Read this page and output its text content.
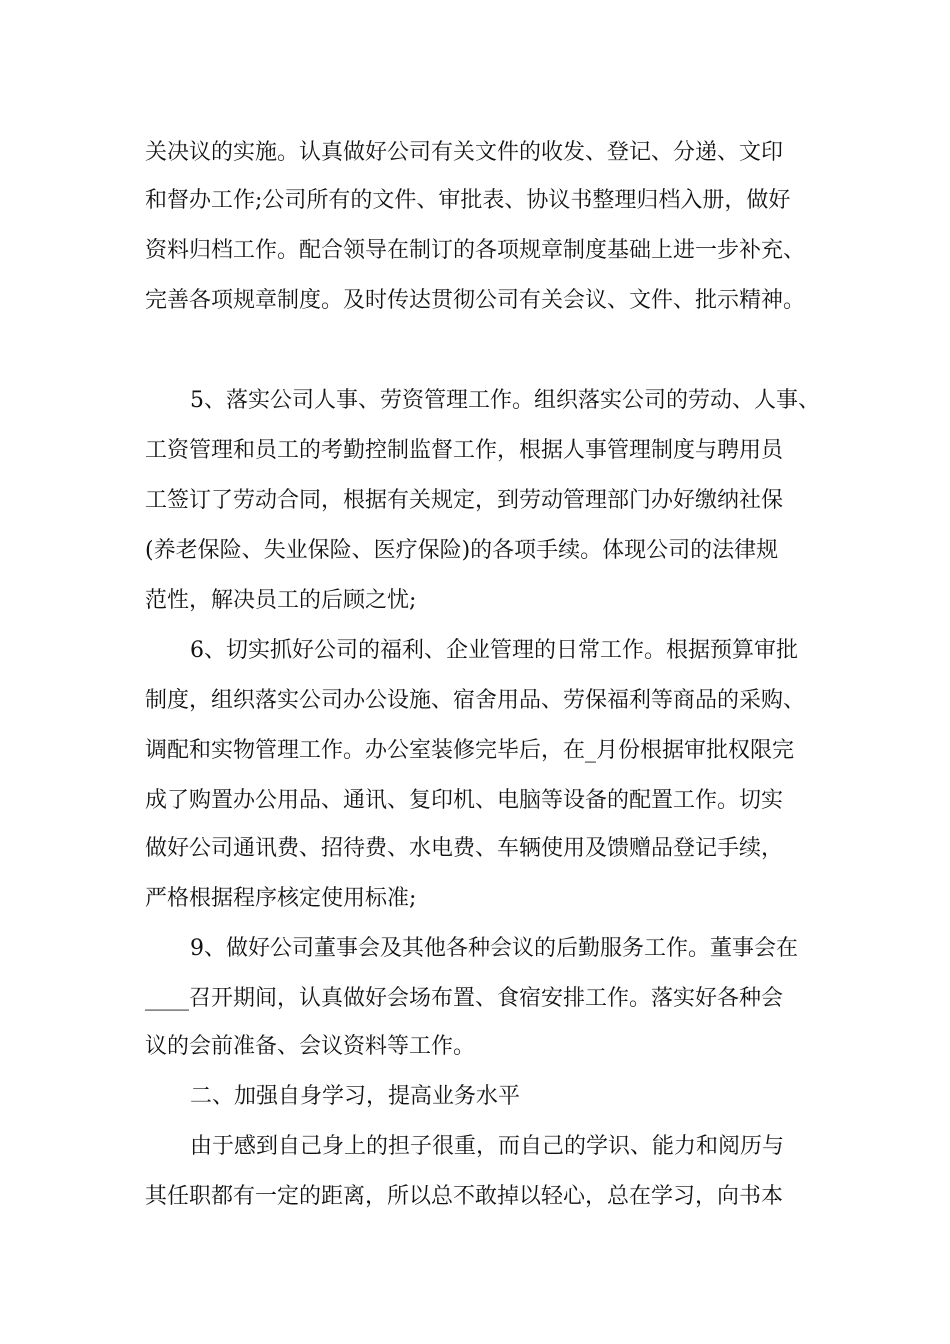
关决议的实施。认真做好公司有关文件的收发、登记、分递、文印
和督办工作;公司所有的文件、审批表、协议书整理归档入册，做好
资料归档工作。配合领导在制订的各项规章制度基础上进一步补充、
完善各项规章制度。及时传达贯彻公司有关会议、文件、批示精神。
5、落实公司人事、劳资管理工作。组织落实公司的劳动、人事、
工资管理和员工的考勤控制监督工作，根据人事管理制度与聘用员
工签订了劳动合同，根据有关规定，到劳动管理部门办好缴纳社保
(养老保险、失业保险、医疗保险)的各项手续。体现公司的法律规
范性，解决员工的后顾之忧;
6、切实抓好公司的福利、企业管理的日常工作。根据预算审批
制度，组织落实公司办公设施、宿舍用品、劳保福利等商品的采购、
调配和实物管理工作。办公室装修完毕后，在_月份根据审批权限完
成了购置办公用品、通讯、复印机、电脑等设备的配置工作。切实
做好公司通讯费、招待费、水电费、车辆使用及馈赠品登记手续，
严格根据程序核定使用标准;
9、做好公司董事会及其他各种会议的后勤服务工作。董事会在
____召开期间，认真做好会场布置、食宿安排工作。落实好各种会
议的会前准备、会议资料等工作。
二、加强自身学习，提高业务水平
由于感到自己身上的担子很重，而自己的学识、能力和阅历与
其任职都有一定的距离，所以总不敢掉以轻心，总在学习，向书本
